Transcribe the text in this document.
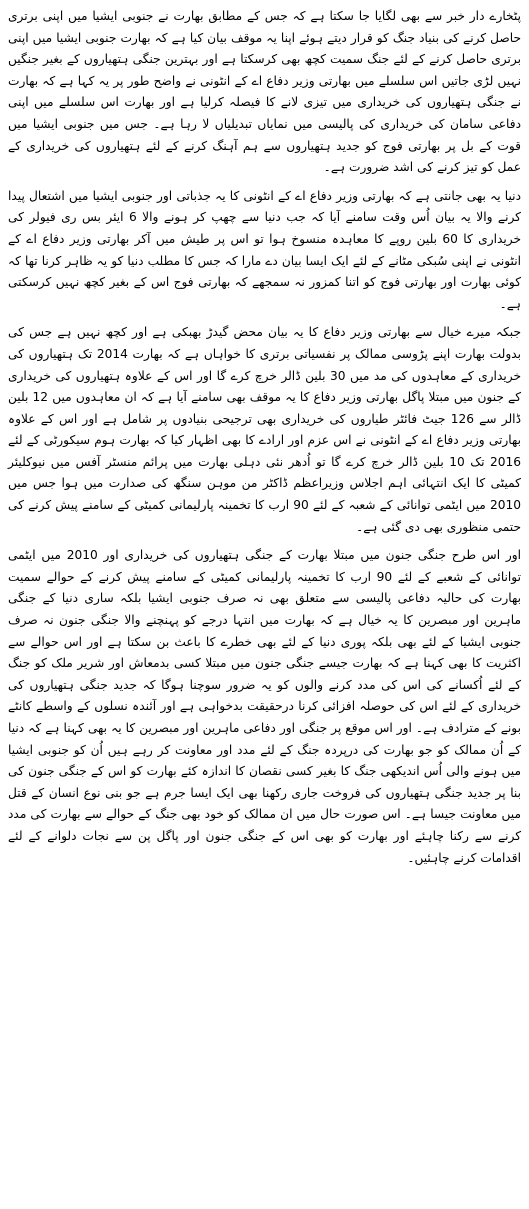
پٹخارے دار خبر سے بھی لگایا جا سکتا ہے کہ جس کے مطابق بھارت نے جنوبی ایشیا میں اپنی برتری حاصل کرنے کی بنیاد جنگ کو قرار دیتے ہوئے اپنا یہ موقف بیان کیا ہے کہ بھارت جنوبی ایشیا میں اپنی برتری حاصل کرنے کے لئے جنگ سمیت کچھ بھی کرسکتا ہے اور بہترین جنگی ہتھیاروں کے بغیر جنگیں نہیں لڑی جاتیں اس سلسلے میں بھارتی وزیر دفاع اے کے انٹونی نے واضح طور پر یہ کہا ہے کہ بھارت نے جنگی ہتھیاروں کی خریداری میں تیزی لانے کا فیصلہ کرلیا ہے اور بھارت اس سلسلے میں اپنی دفاعی سامان کی خریداری کی پالیسی میں نمایاں تبدیلیاں لا رہا ہے۔ جس میں جنوبی ایشیا میں قوت کے بل پر بھارتی فوج کو جدید ہتھیاروں سے ہم آہنگ کرنے کے لئے ہتھیاروں کی خریداری کے عمل کو تیز کرنے کی اشد ضرورت ہے۔

دنیا یہ بھی جانتی ہے کہ بھارتی وزیر دفاع اے کے انٹونی کا یہ جذباتی اور جنوبی ایشیا میں اشتعال پیدا کرنے والا یہ بیان اُس وقت سامنے آیا کہ جب دنیا سے چھپ کر ہونے والا 6 ایئر بس ری فیولر کی خریداری کا 60 بلین روپے کا معاہدہ منسوخ ہوا تو اس پر طیش میں آکر بھارتی وزیر دفاع اے کے انٹونی نے اپنی سُبکی مٹانے کے لئے ایک ایسا بیان دے مارا کہ جس کا مطلب دنیا کو یہ ظاہر کرنا تھا کہ کوئی بھارت اور بھارتی فوج کو اتنا کمزور نہ سمجھے کہ بھارتی فوج اس کے بغیر کچھ نہیں کرسکتی ہے۔

جبکہ میرے خیال سے بھارتی وزیر دفاع کا یہ بیان محض گیدڑ بھبکی ہے اور کچھ نہیں ہے جس کی بدولت بھارت اپنے پڑوسی ممالک پر نفسیاتی برتری کا خواہاں ہے کہ بھارت 2014 تک ہتھیاروں کی خریداری کے معاہدوں کی مد میں 30 بلین ڈالر خرچ کرے گا اور اس کے علاوہ ہتھیاروں کی خریداری کے جنون میں مبتلا پاگل بھارتی وزیر دفاع کا یہ موقف بھی سامنے آیا ہے کہ ان معاہدوں میں 12 بلین ڈالر سے 126 جیٹ فائٹر طیاروں کی خریداری بھی ترجیحی بنیادوں پر شامل ہے اور اس کے علاوہ بھارتی وزیر دفاع اے کے انٹونی نے اس عزم اور ارادے کا بھی اظہار کیا کہ بھارت ہوم سیکورٹی کے لئے 2016 تک 10 بلین ڈالر خرچ کرے گا تو اُدھر نئی دہلی بھارت میں پرائم منسٹر آفس میں نیوکلیئر کمیٹی کا ایک انتہائی اہم اجلاس وزیراعظم ڈاکٹر من موہن سنگھ کی صدارت میں ہوا جس میں 2010 میں ایٹمی توانائی کے شعبہ کے لئے 90 ارب کا تخمینہ پارلیمانی کمیٹی کے سامنے پیش کرنے کی حتمی منظوری بھی دی گئی ہے۔

اور اس طرح جنگی جنون میں مبتلا بھارت کے جنگی ہتھیاروں کی خریداری اور 2010 میں ایٹمی توانائی کے شعبے کے لئے 90 ارب کا تخمینہ پارلیمانی کمیٹی کے سامنے پیش کرنے کے حوالے سمیت بھارت کی حالیہ دفاعی پالیسی سے متعلق بھی نہ صرف جنوبی ایشیا بلکہ ساری دنیا کے جنگی ماہرین اور مبصرین کا یہ خیال ہے کہ بھارت میں انتہا درجے کو پہنچنے والا جنگی جنون نہ صرف جنوبی ایشیا کے لئے بھی بلکہ پوری دنیا کے لئے بھی خطرے کا باعث بن سکتا ہے اور اس حوالے سے اکثریت کا بھی کہنا ہے کہ بھارت جیسے جنگی جنون میں مبتلا کسی بدمعاش اور شریر ملک کو جنگ کے لئے اُکسانے کی اس کی مدد کرنے والوں کو یہ ضرور سوچنا ہوگا کہ جدید جنگی ہتھیاروں کی خریداری کے لئے اس کی حوصلہ افزائی کرنا درحقیقت بدخواہی ہے اور آئندہ نسلوں کے واسطے کانٹے بونے کے مترادف ہے۔ اور اس موقع پر جنگی اور دفاعی ماہرین اور مبصرین کا یہ بھی کہنا ہے کہ دنیا کے اُن ممالک کو جو بھارت کی درپردہ جنگ کے لئے مدد اور معاونت کر رہے ہیں اُن کو جنوبی ایشیا میں ہونے والی اُس اندیکھی جنگ کا بغیر کسی نقصان کا اندازہ کئے بھارت کو اس کے جنگی جنون کی بنا پر جدید جنگی ہتھیاروں کی فروخت جاری رکھنا بھی ایک ایسا جرم ہے جو بنی نوع انسان کے قتل میں معاونت جیسا ہے۔ اس صورت حال میں ان ممالک کو خود بھی جنگ کے حوالے سے بھارت کی مدد کرنے سے رکنا چاہئے اور بھارت کو بھی اس کے جنگی جنون اور پاگل پن سے نجات دلوانے کے لئے اقدامات کرنے چاہئیں۔
